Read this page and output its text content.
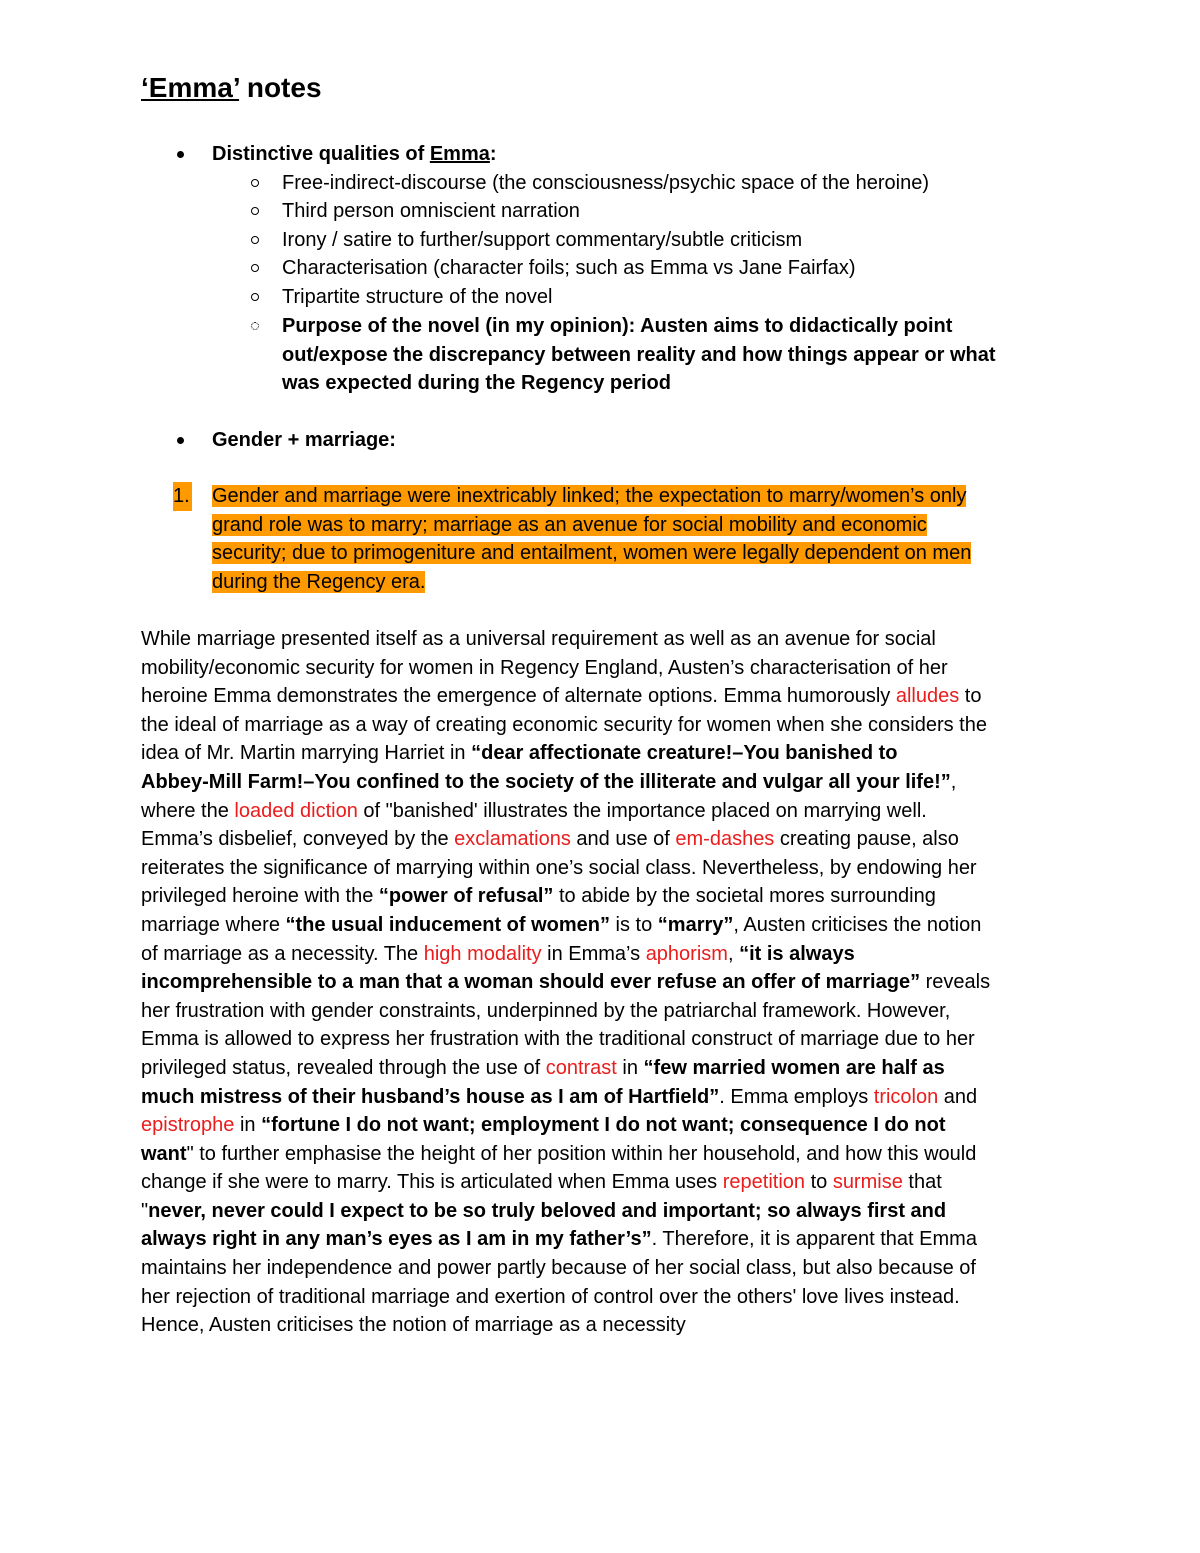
‘Emma’ notes

Distinctive qualities of Emma:

Free-indirect-discourse (the consciousness/psychic space of the heroine)

Third person omniscient narration

Irony / satire to further/support commentary/subtle criticism

Characterisation (character foils; such as Emma vs Jane Fairfax)

Tripartite structure of the novel

Purpose of the novel (in my opinion): Austen aims to didactically point
out/expose the discrepancy between reality and how things appear or what
was expected during the Regency period

Gender + marriage:

1. Gender and marriage were inextricably linked; the expectation to marry/women’s only
grand role was to marry; marriage as an avenue for social mobility and economic
security; due to primogeniture and entailment, women were legally dependent on men
during the Regency era.
While marriage presented itself as a universal requirement as well as an avenue for social
mobility/economic security for women in Regency England, Austen’s characterisation of her
heroine Emma demonstrates the emergence of alternate options. Emma humorously alludes to
the ideal of marriage as a way of creating economic security for women when she considers the
idea of Mr. Martin marrying Harriet in “dear affectionate creature!–You banished to
Abbey-Mill Farm!–You confined to the society of the illiterate and vulgar all your life!”,
where the loaded diction of "banished' illustrates the importance placed on marrying well.
Emma’s disbelief, conveyed by the exclamations and use of em-dashes creating pause, also
reiterates the significance of marrying within one’s social class. Nevertheless, by endowing her
privileged heroine with the “power of refusal” to abide by the societal mores surrounding
marriage where “the usual inducement of women” is to “marry”, Austen criticises the notion
of marriage as a necessity. The high modality in Emma’s aphorism, “it is always
incomprehensible to a man that a woman should ever refuse an offer of marriage” reveals
her frustration with gender constraints, underpinned by the patriarchal framework. However,
Emma is allowed to express her frustration with the traditional construct of marriage due to her
privileged status, revealed through the use of contrast in “few married women are half as
much mistress of their husband’s house as I am of Hartfield”. Emma employs tricolon and
epistrophe in “fortune I do not want; employment I do not want; consequence I do not
want" to further emphasise the height of her position within her household, and how this would
change if she were to marry. This is articulated when Emma uses repetition to surmise that
"never, never could I expect to be so truly beloved and important; so always first and
always right in any man’s eyes as I am in my father’s”. Therefore, it is apparent that Emma
maintains her independence and power partly because of her social class, but also because of
her rejection of traditional marriage and exertion of control over the others' love lives instead.
Hence, Austen criticises the notion of marriage as a necessity
